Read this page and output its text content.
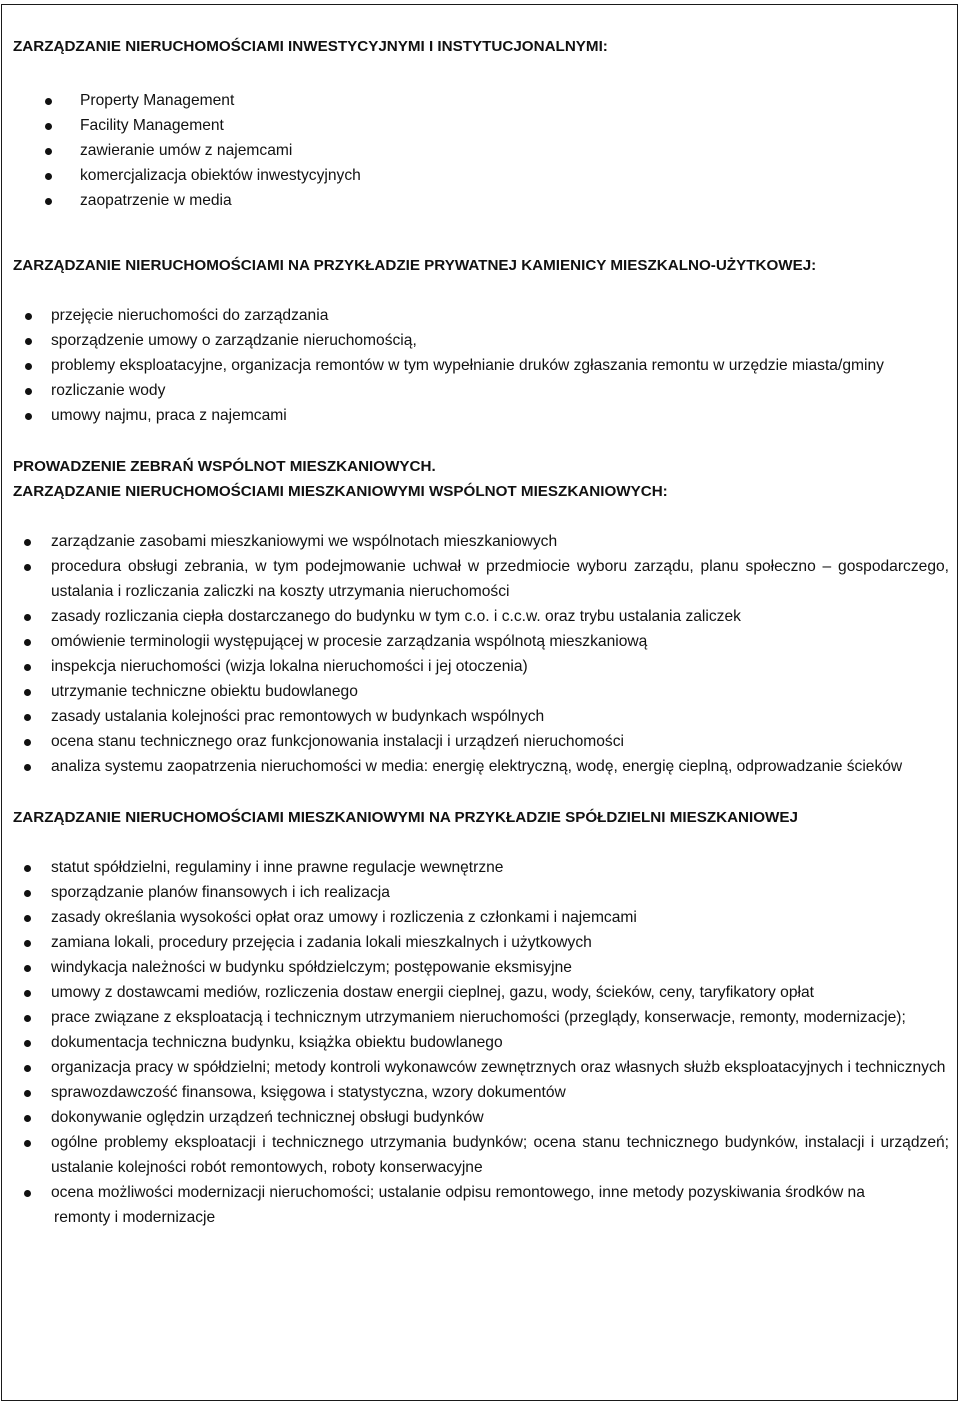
ZARZĄDZANIE NIERUCHOMOŚCIAMI INWESTYCYJNYMI I INSTYTUCJONALNYMI:
Property Management
Facility Management
zawieranie umów z najemcami
komercjalizacja obiektów inwestycyjnych
zaopatrzenie w media
ZARZĄDZANIE NIERUCHOMOŚCIAMI NA PRZYKŁADZIE PRYWATNEJ KAMIENICY MIESZKALNO-UŻYTKOWEJ:
przejęcie nieruchomości do zarządzania
sporządzenie umowy o zarządzanie nieruchomością,
problemy eksploatacyjne, organizacja remontów w tym wypełnianie druków zgłaszania remontu w urzędzie miasta/gminy
rozliczanie wody
umowy najmu, praca z najemcami
PROWADZENIE ZEBRAŃ WSPÓLNOT MIESZKANIOWYCH.
ZARZĄDZANIE NIERUCHOMOŚCIAMI MIESZKANIOWYMI WSPÓLNOT MIESZKANIOWYCH:
zarządzanie zasobami mieszkaniowymi we wspólnotach mieszkaniowych
procedura obsługi zebrania, w tym podejmowanie uchwał w przedmiocie wyboru zarządu, planu społeczno – gospodarczego, ustalania i rozliczania zaliczki na koszty utrzymania nieruchomości
zasady rozliczania ciepła dostarczanego do budynku w tym c.o. i c.c.w. oraz trybu ustalania zaliczek
omówienie terminologii występującej w procesie zarządzania wspólnotą mieszkaniową
inspekcja nieruchomości (wizja lokalna nieruchomości i jej otoczenia)
utrzymanie techniczne obiektu budowlanego
zasady ustalania kolejności prac remontowych w budynkach wspólnych
ocena stanu technicznego oraz funkcjonowania instalacji i urządzeń nieruchomości
analiza systemu zaopatrzenia nieruchomości w media: energię elektryczną, wodę, energię cieplną, odprowadzanie ścieków
ZARZĄDZANIE NIERUCHOMOŚCIAMI MIESZKANIOWYMI NA PRZYKŁADZIE SPÓŁDZIELNI MIESZKANIOWEJ
statut spółdzielni, regulaminy i inne prawne regulacje wewnętrzne
sporządzanie planów finansowych i ich realizacja
zasady określania wysokości opłat oraz umowy i rozliczenia z członkami i najemcami
zamiana lokali, procedury przejęcia i zadania lokali mieszkalnych i użytkowych
windykacja należności w budynku spółdzielczym; postępowanie eksmisyjne
umowy z dostawcami mediów, rozliczenia dostaw energii cieplnej, gazu, wody, ścieków, ceny, taryfikatory opłat
prace związane z eksploatacją i technicznym utrzymaniem nieruchomości (przeglądy, konserwacje, remonty, modernizacje);
dokumentacja techniczna budynku, książka obiektu budowlanego
organizacja pracy w spółdzielni; metody kontroli wykonawców zewnętrznych oraz własnych służb eksploatacyjnych i technicznych
sprawozdawczość finansowa, księgowa i statystyczna, wzory dokumentów
dokonywanie oględzin urządzeń technicznej obsługi budynków
ogólne problemy eksploatacji i technicznego utrzymania budynków; ocena stanu technicznego budynków, instalacji i urządzeń; ustalanie kolejności robót remontowych, roboty konserwacyjne
ocena możliwości modernizacji nieruchomości; ustalanie odpisu remontowego, inne metody pozyskiwania środków na

remonty i modernizacje
